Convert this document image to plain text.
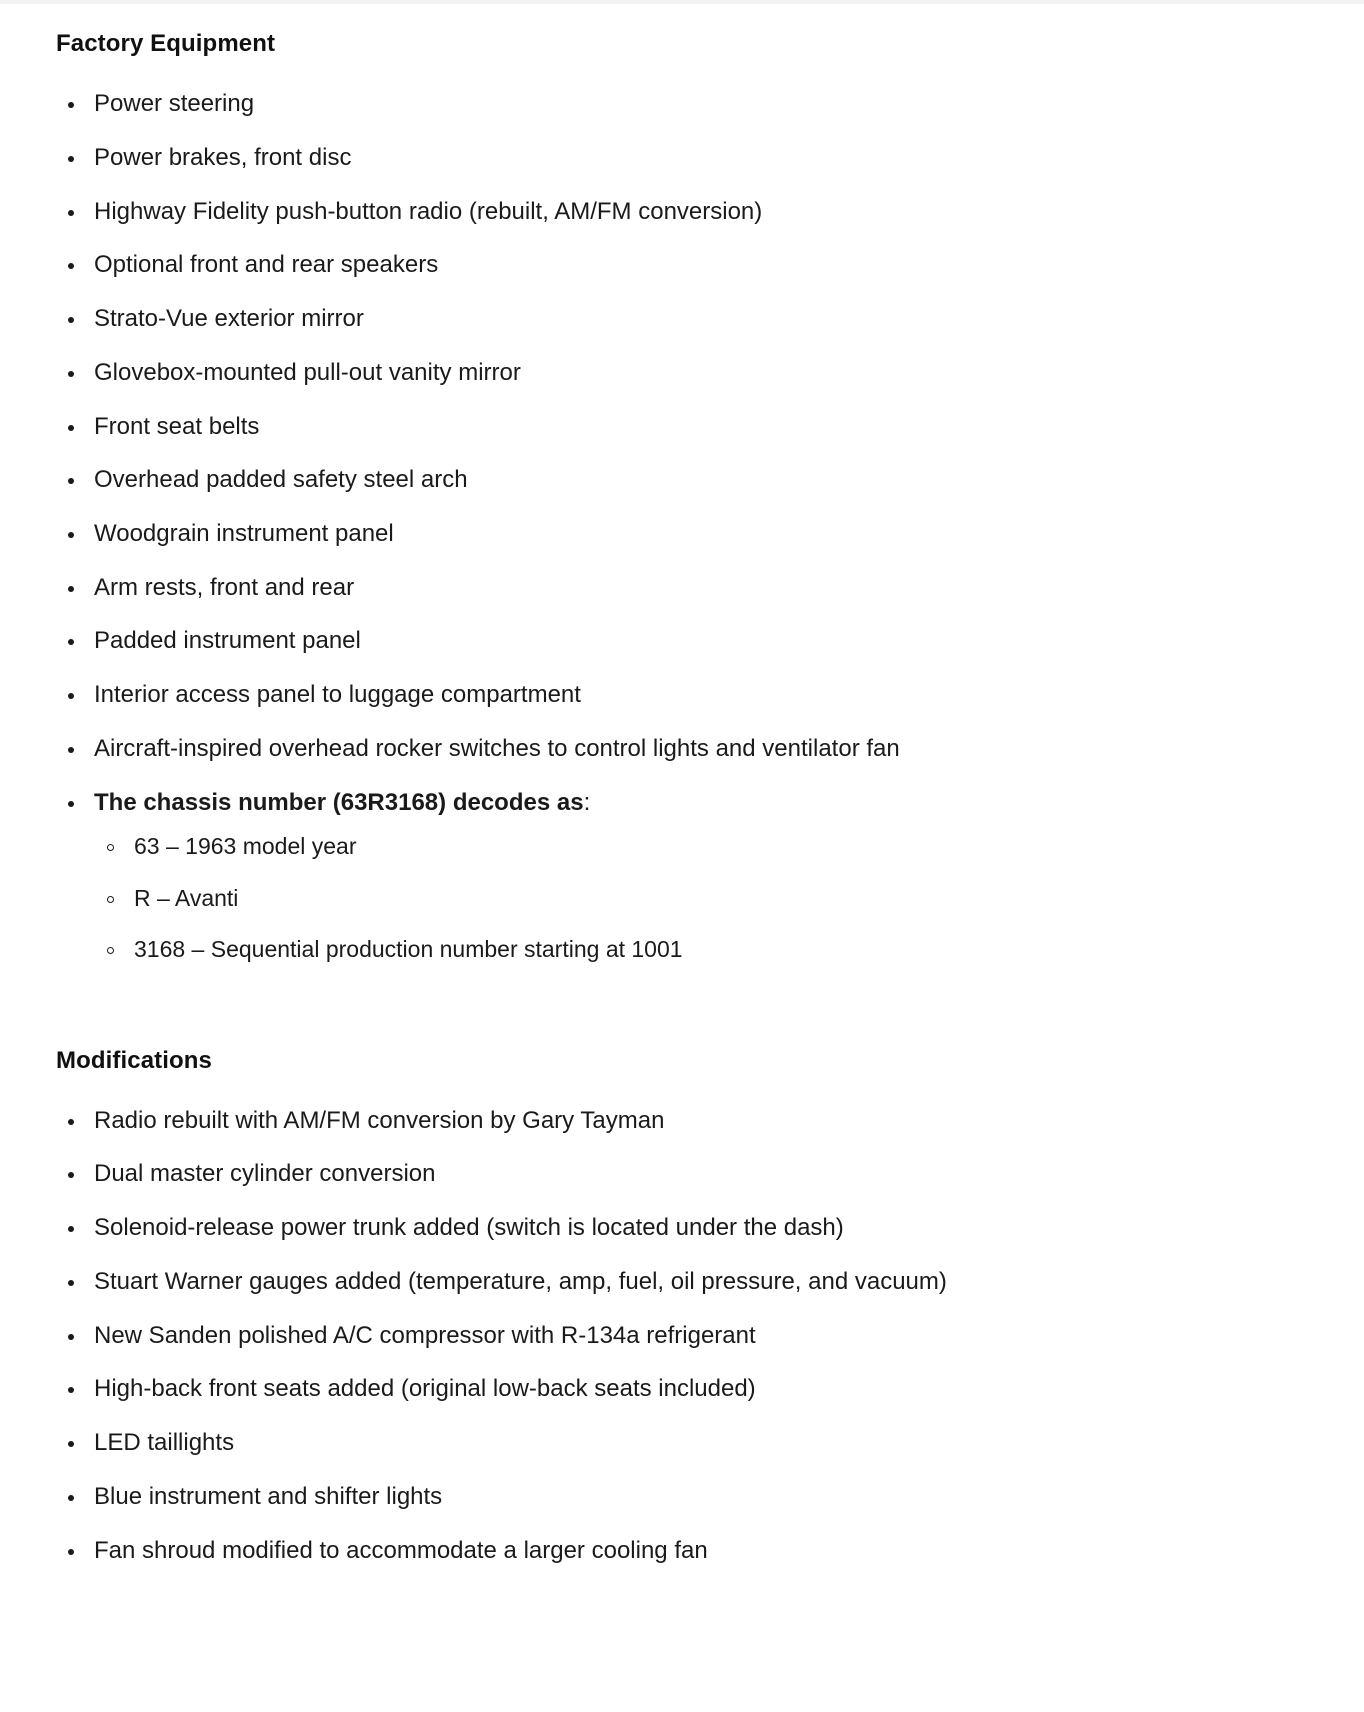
Factory Equipment
Power steering
Power brakes, front disc
Highway Fidelity push-button radio (rebuilt, AM/FM conversion)
Optional front and rear speakers
Strato-Vue exterior mirror
Glovebox-mounted pull-out vanity mirror
Front seat belts
Overhead padded safety steel arch
Woodgrain instrument panel
Arm rests, front and rear
Padded instrument panel
Interior access panel to luggage compartment
Aircraft-inspired overhead rocker switches to control lights and ventilator fan
The chassis number (63R3168) decodes as:
63 – 1963 model year
R – Avanti
3168 – Sequential production number starting at 1001
Modifications
Radio rebuilt with AM/FM conversion by Gary Tayman
Dual master cylinder conversion
Solenoid-release power trunk added (switch is located under the dash)
Stuart Warner gauges added (temperature, amp, fuel, oil pressure, and vacuum)
New Sanden polished A/C compressor with R-134a refrigerant
High-back front seats added (original low-back seats included)
LED taillights
Blue instrument and shifter lights
Fan shroud modified to accommodate a larger cooling fan
